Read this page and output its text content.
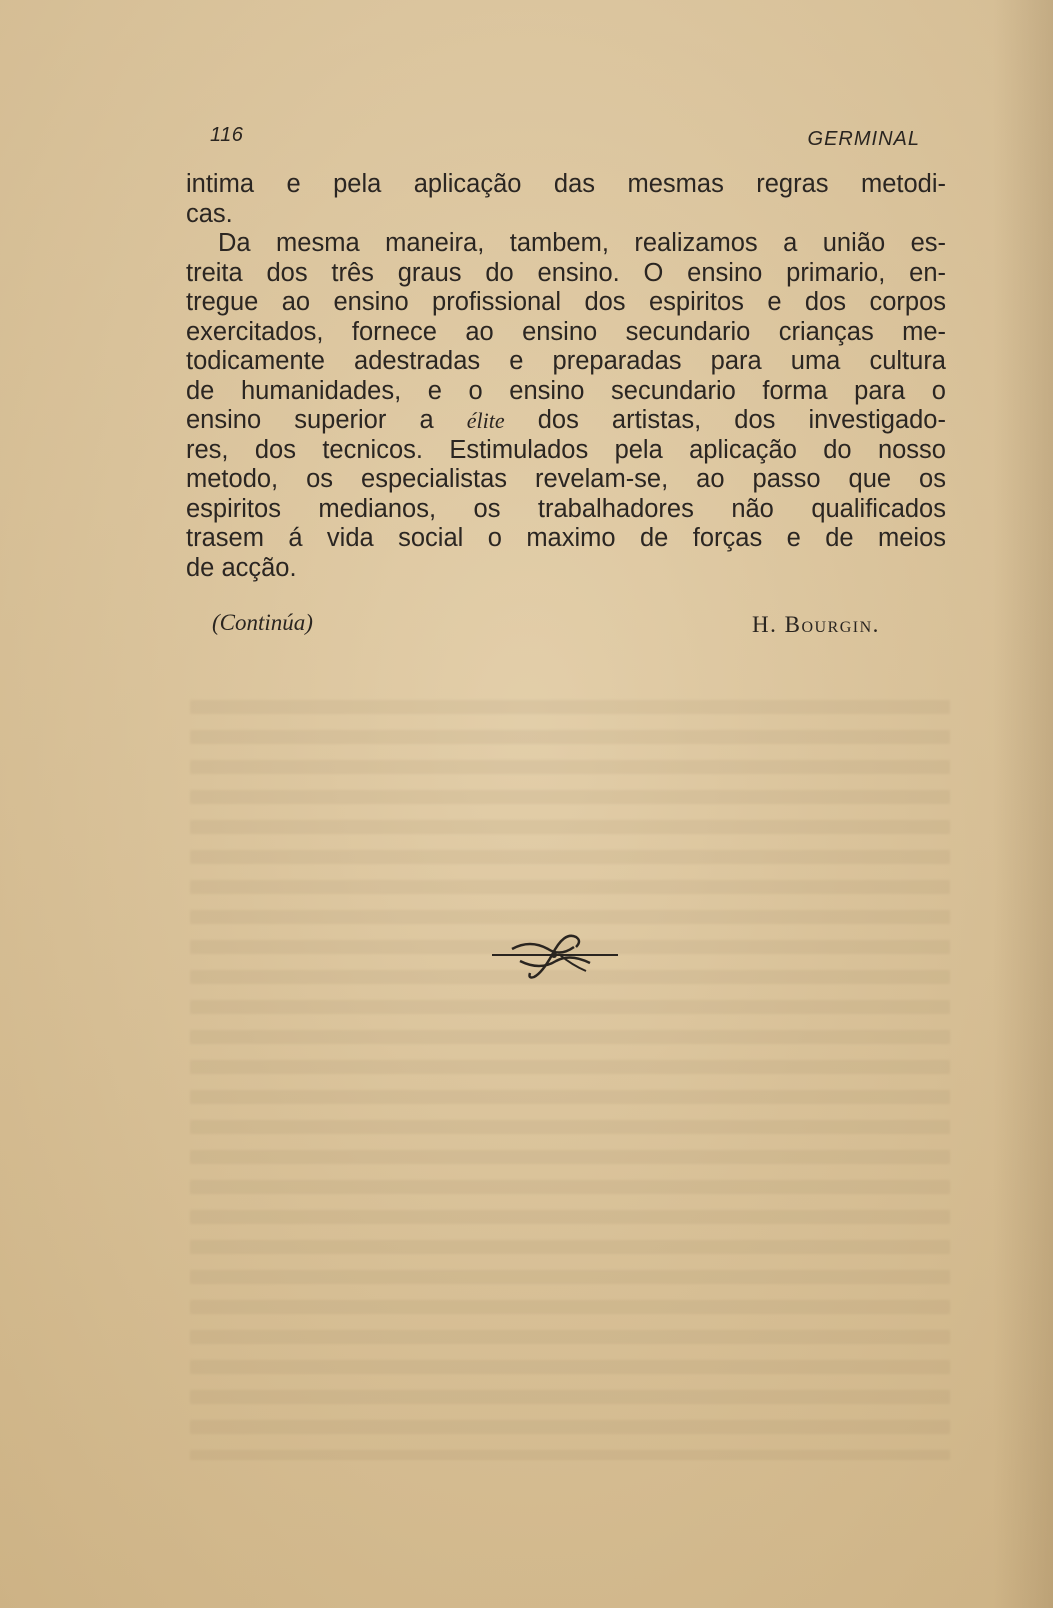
116	GERMINAL
intima e pela aplicação das mesmas regras metodi-
cas.
Da mesma maneira, tambem, realizamos a união es-
treita dos três graus do ensino. O ensino primario, en-
tregue ao ensino profissional dos espiritos e dos corpos
exercitados, fornece ao ensino secundario crianças me-
todicamente adestradas e preparadas para uma cultura
de humanidades, e o ensino secundario forma para o
ensino superior a élite dos artistas, dos investigado-
res, dos tecnicos. Estimulados pela aplicação do nosso
metodo, os especialistas revelam-se, ao passo que os
espiritos medianos, os trabalhadores não qualificados
trasem á vida social o maximo de forças e de meios
de acção.
(Continúa)	H. Bourgin.
